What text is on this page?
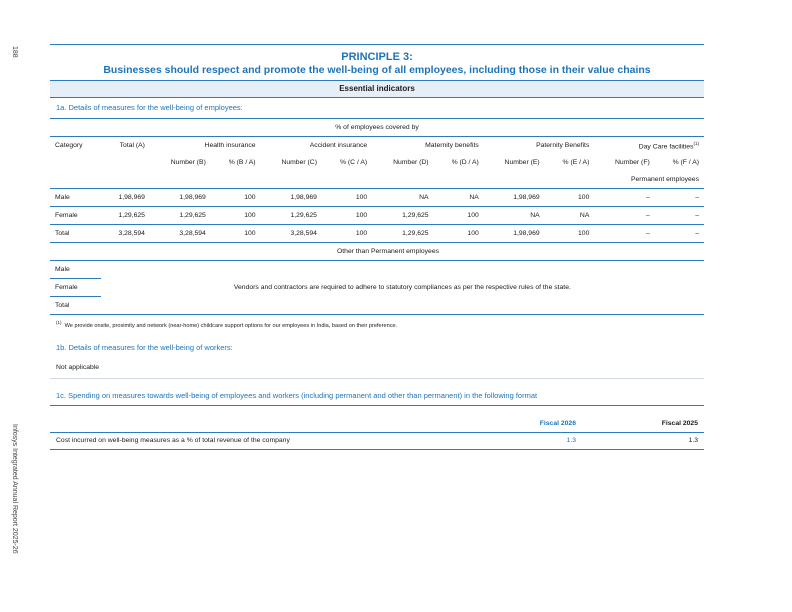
188
Infosys Integrated Annual Report 2025-26
PRINCIPLE 3:
Businesses should respect and promote the well-being of all employees, including those in their value chains
Essential indicators
1a. Details of measures for the well-being of employees:
% of employees covered by											
Category	Total (A)	Health insurance		Accident insurance		Maternity benefits		Paternity Benefits		Day Care facilities$^{(1)}$
		Number (B)	% (B / A)	Number (C)	% (C / A)	Number (D)	% (D / A)	Number (E)	% (E / A)	Number (F)	% (F / A)
Permanent employees											
Male	1,98,969	1,98,969	100	1,98,969	100	NA	NA	1,98,969	100	–	–
Female	1,29,625	1,29,625	100	1,29,625	100	1,29,625	100	NA	NA	–	–
Total	3,28,594	3,28,594	100	3,28,594	100	1,29,625	100	1,98,969	100	–	–
Other than Permanent employees											
Male	Vendors and contractors are required to adhere to statutory compliances as per the respective rules of the state.										
Female											
Total											
$^{(1)}$  We provide onsite, proximity and network (near-home) childcare support options for our employees in India, based on their preference.
1b. Details of measures for the well-being of workers:
Not applicable
1c. Spending on measures towards well-being of employees and workers (including permanent and other than permanent) in the following format
	Fiscal 2026	Fiscal 2025
Cost incurred on well-being measures as a % of total revenue of the company	1.3	1.3
